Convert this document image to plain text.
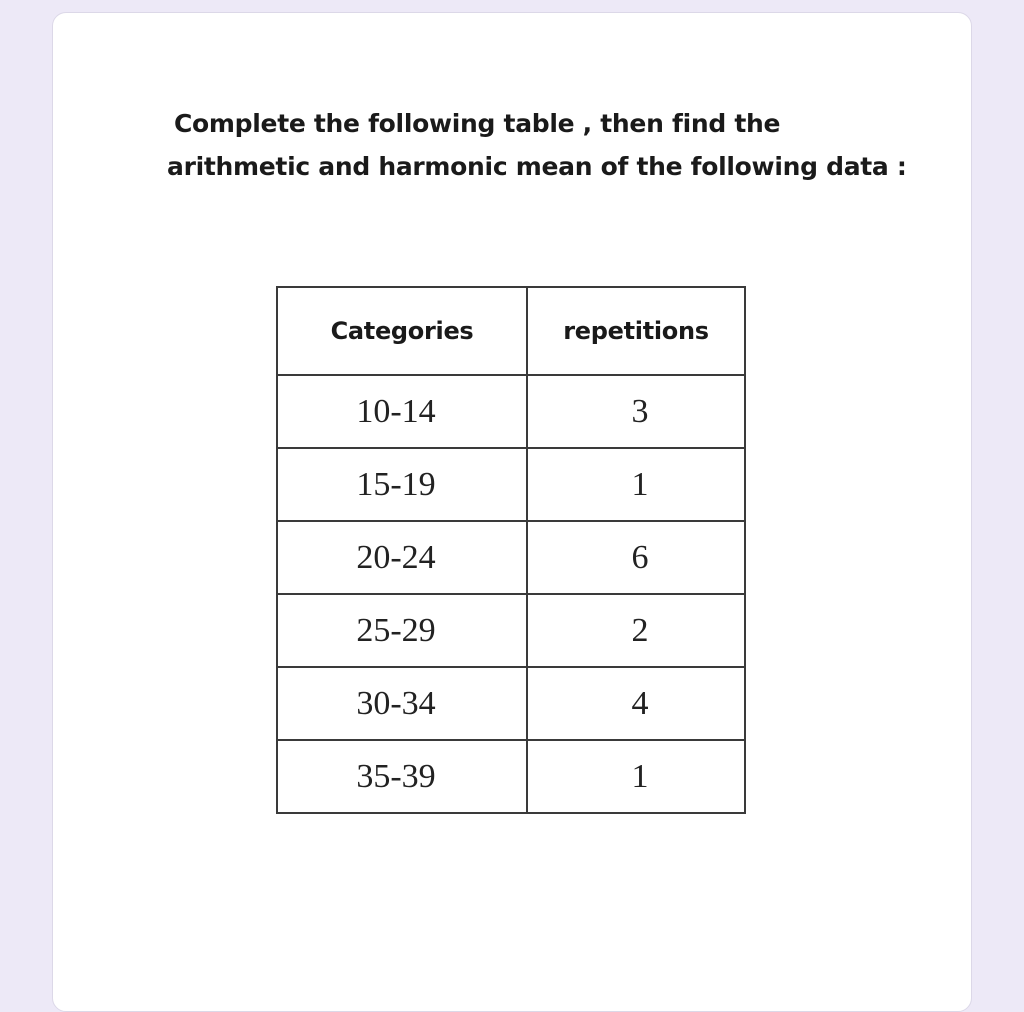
Complete the following table , then find the
arithmetic and harmonic mean of the following data :
Categories	repetitions
10-14	3
15-19	1
20-24	6
25-29	2
30-34	4
35-39	1
